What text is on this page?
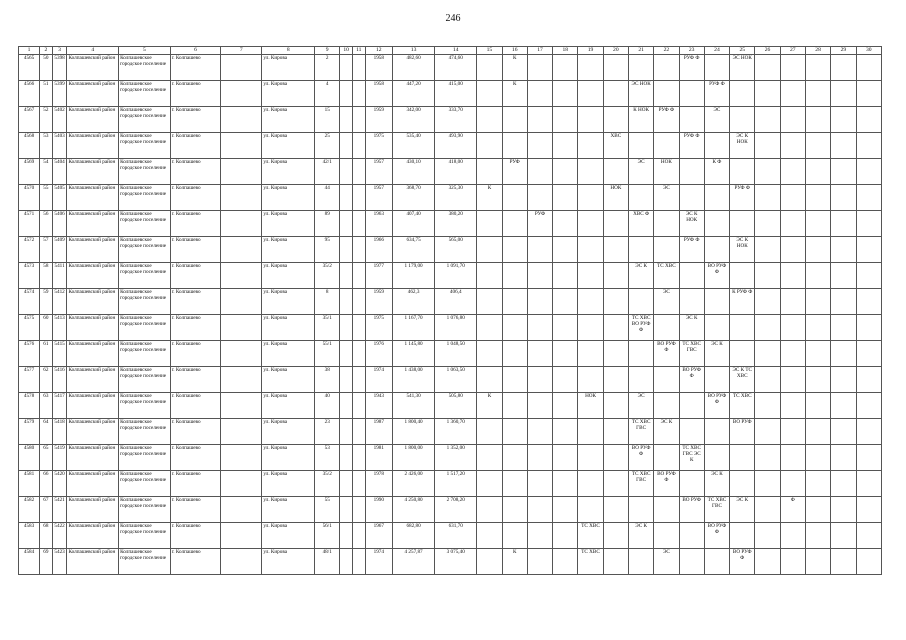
246
1	2	3	4	5	6	7	8	9	10	11	12	13	14	15	16	17	18	19	20	21	22	23	24	25	26	27	28	29	30
4565	50	5398	Колпашевский район	Колпашевское городское поселение	г. Колпашево		ул. Кирова	2			1958	482,60	474,60		К							РУФ Ф		ЭС НОК					
4566	51	5399	Колпашевский район	Колпашевское городское поселение	г. Колпашево		ул. Кирова	4			1958	447,20	415,00		К					ЭС НОК			РУФ Ф						
4567	52	5402	Колпашевский район	Колпашевское городское поселение	г. Колпашево		ул. Кирова	15			1959	342,00	333,70							К НОК	РУФ Ф		ЭС						
4568	53	5403	Колпашевский район	Колпашевское городское поселение	г. Колпашево		ул. Кирова	25			1975	535,40	493,90						ХВС			РУФ Ф		ЭС К НОК					
4569	54	5404	Колпашевский район	Колпашевское городское поселение	г. Колпашево		ул. Кирова	42/1			1957	430,10	418,00		РУФ					ЭС	НОК		К Ф						
4570	55	5405	Колпашевский район	Колпашевское городское поселение	г. Колпашево		ул. Кирова	44			1957	368,70	325,30	К					НОК		ЭС			РУФ Ф					
4571	56	5406	Колпашевский район	Колпашевское городское поселение	г. Колпашево		ул. Кирова	89			1963	407,40	380,20			РУФ				ХВС Ф		ЭС К НОК							
4572	57	5409	Колпашевский район	Колпашевское городское поселение	г. Колпашево		ул. Кирова	95			1966	634,75	565,00									РУФ Ф		ЭС К НОК					
4573	58	5411	Колпашевский район	Колпашевское городское поселение	г. Колпашево		ул. Кирова	35/2			1977	1 179,00	1 091,70							ЭС К	ТС ХВС		ВО РУФ Ф						
4574	59	5412	Колпашевский район	Колпашевское городское поселение	г. Колпашево		ул. Кирова	8			1959	462,3	406,4								ЭС			К РУФ Ф					
4575	60	5413	Колпашевский район	Колпашевское городское поселение	г. Колпашево		ул. Кирова	35/1			1975	1 167,70	1 076,80							ТС ХВС ВО РУФ Ф		ЭС К							
4576	61	5415	Колпашевский район	Колпашевское городское поселение	г. Колпашево		ул. Кирова	55/1			1976	1 145,80	1 048,50								ВО РУФ Ф	ТС ХВС ГВС	ЭС К						
4577	62	5416	Колпашевский район	Колпашевское городское поселение	г. Колпашево		ул. Кирова	38			1974	1 438,00	1 063,50									ВО РУФ Ф		ЭС К ТС ХВС					
4578	63	5417	Колпашевский район	Колпашевское городское поселение	г. Колпашево		ул. Кирова	40			1943	541,30	505,80	К				НОК		ЭС			ВО РУФ Ф	ТС ХВС					
4579	64	5418	Колпашевский район	Колпашевское городское поселение	г. Колпашево		ул. Кирова	23			1987	1 800,40	1 360,70							ТС ХВС ГВС	ЭС К			ВО РУФ					
4580	65	5419	Колпашевский район	Колпашевское городское поселение	г. Колпашево		ул. Кирова	53			1981	1 800,00	1 352,00							ВО РУФ Ф		ТС ХВС ГВС ЭС К							
4581	66	5420	Колпашевский район	Колпашевское городское поселение	г. Колпашево		ул. Кирова	35/2			1978	2 426,00	1 517,20							ТС ХВС ГВС	ВО РУФ Ф		ЭС К						
4582	67	5421	Колпашевский район	Колпашевское городское поселение	г. Колпашево		ул. Кирова	55			1990	4 250,80	2 708,20									ВО РУФ	ТС ХВС ГВС	ЭС К		Ф			
4583	68	5422	Колпашевский район	Колпашевское городское поселение	г. Колпашево		ул. Кирова	56/1			1967	682,80	631,70					ТС ХВС		ЭС К			ВО РУФ Ф						
4584	69	5423	Колпашевский район	Колпашевское городское поселение	г. Колпашево		ул. Кирова	48/1			1974	4 257,87	3 075,40		К			ТС ХВС			ЭС			ВО РУФ Ф					
